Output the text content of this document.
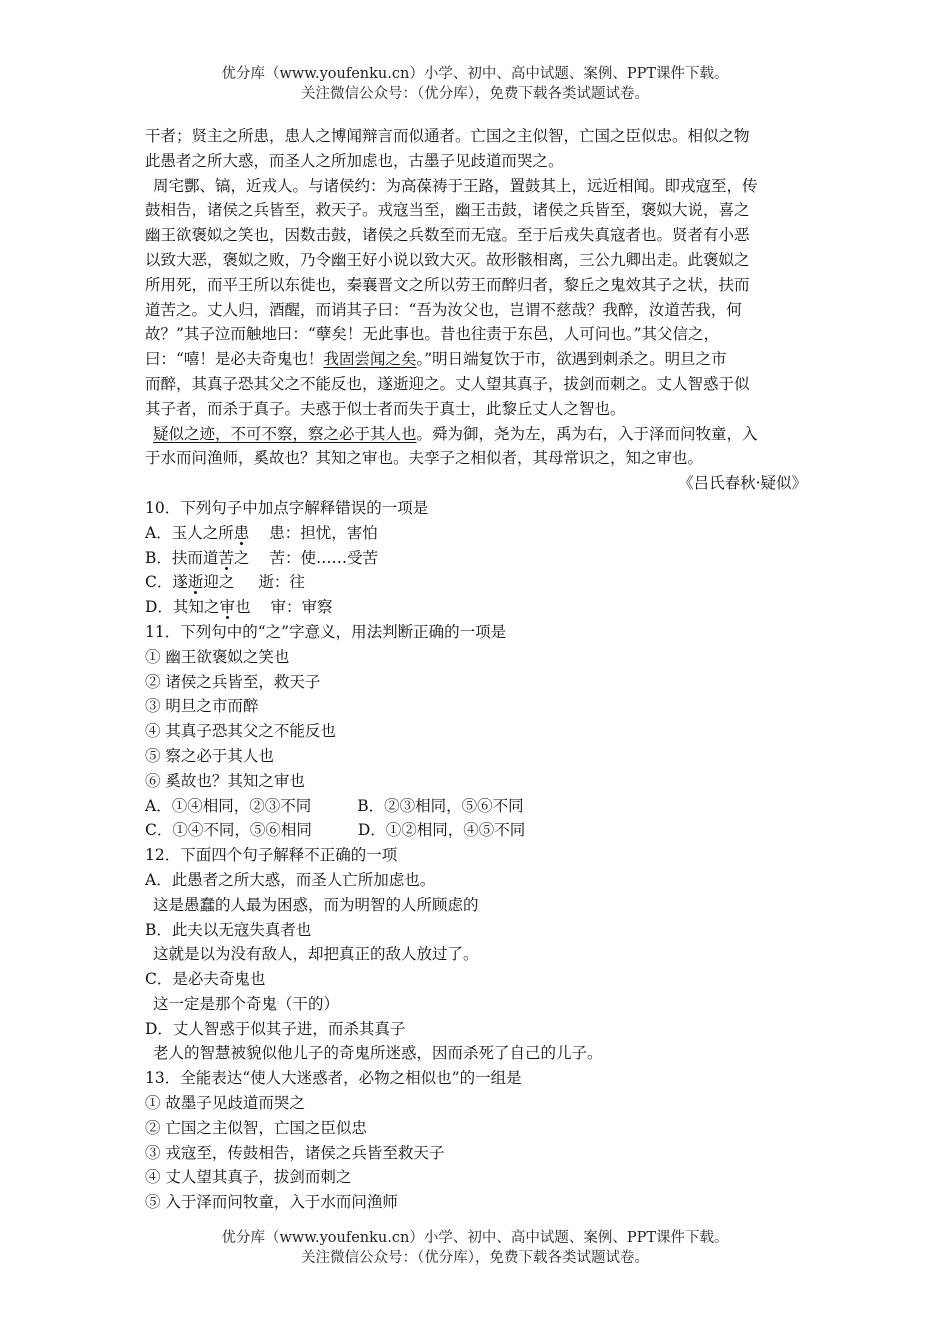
优分库（www.youfenku.cn）小学、初中、高中试题、案例、PPT课件下载。
关注微信公众号：（优分库），免费下载各类试题试卷。
干者；贤主之所患，患人之博闻辩言而似通者。亡国之主似智，亡国之臣似忠。相似之物
此愚者之所大惑，而圣人之所加虑也，古墨子见歧道而哭之。
周宅酆、镐，近戎人。与诸侯约：为高葆祷于王路，置鼓其上，远近相闻。即戎寇至，传
鼓相告，诸侯之兵皆至，救天子。戎寇当至，幽王击鼓，诸侯之兵皆至，褒姒大说，喜之
幽王欲褒姒之笑也，因数击鼓，诸侯之兵数至而无寇。至于后戎失真寇者也。贤者有小恶
以致大恶，褒姒之败，乃令幽王好小说以致大灭。故形骸相离，三公九卿出走。此褒姒之
所用死，而平王所以东徙也，秦襄晋文之所以劳王而醉归者，黎丘之鬼效其子之状，扶而
道苦之。丈人归，酒醒，而诮其子曰：“吾为汝父也，岂谓不慈哉？我醉，汝道苦我，何
故？”其子泣而触地曰：“孽矣！无此事也。昔也往责于东邑，人可问也。”其父信之，
曰：“嘻！是必夫奇鬼也！我固尝闻之矣。”明日端复饮于市，欲遇到刺杀之。明旦之市
而醉，其真子恐其父之不能反也，遂逝迎之。丈人望其真子，拔剑而刺之。丈人智惑于似
其子者，而杀于真子。夫惑于似士者而失于真士，此黎丘丈人之智也。
疑似之迹，不可不察，察之必于其人也。舜为御，尧为左，禹为右，入于泽而问牧童，入
于水而问渔师，奚故也？其知之审也。夫孪子之相似者，其母常识之，知之审也。
《吕氏春秋·疑似》
10．下列句子中加点字解释错误的一项是
A．玉人之所患 患：担忧，害怕
B．扶而道苦之 苦：使……受苦
C．遂逝迎之 逝：往
D．其知之审也 审：审察
11．下列句中的“之”字意义，用法判断正确的一项是
① 幽王欲褒姒之笑也
② 诸侯之兵皆至，救天子
③ 明旦之市而醉
④ 其真子恐其父之不能反也
⑤ 察之必于其人也
⑥ 奚故也？其知之审也
A．①④相同，②③不同	B．②③相同，⑤⑥不同
C．①④不同，⑤⑥相同	D．①②相同，④⑤不同
12．下面四个句子解释不正确的一项
A．此愚者之所大惑，而圣人亡所加虑也。
这是愚蠢的人最为困惑，而为明智的人所顾虑的
B．此夫以无寇失真者也
这就是以为没有敌人，却把真正的敌人放过了。
C．是必夫奇鬼也
这一定是那个奇鬼（干的）
D．丈人智惑于似其子进，而杀其真子
老人的智慧被貌似他儿子的奇鬼所迷惑，因而杀死了自己的儿子。
13．全能表达“使人大迷惑者，必物之相似也”的一组是
① 故墨子见歧道而哭之
② 亡国之主似智，亡国之臣似忠
③ 戎寇至，传鼓相告，诸侯之兵皆至救天子
④ 丈人望其真子，拔剑而刺之
⑤ 入于泽而问牧童，入于水而问渔师
优分库（www.youfenku.cn）小学、初中、高中试题、案例、PPT课件下载。
关注微信公众号：（优分库），免费下载各类试题试卷。
